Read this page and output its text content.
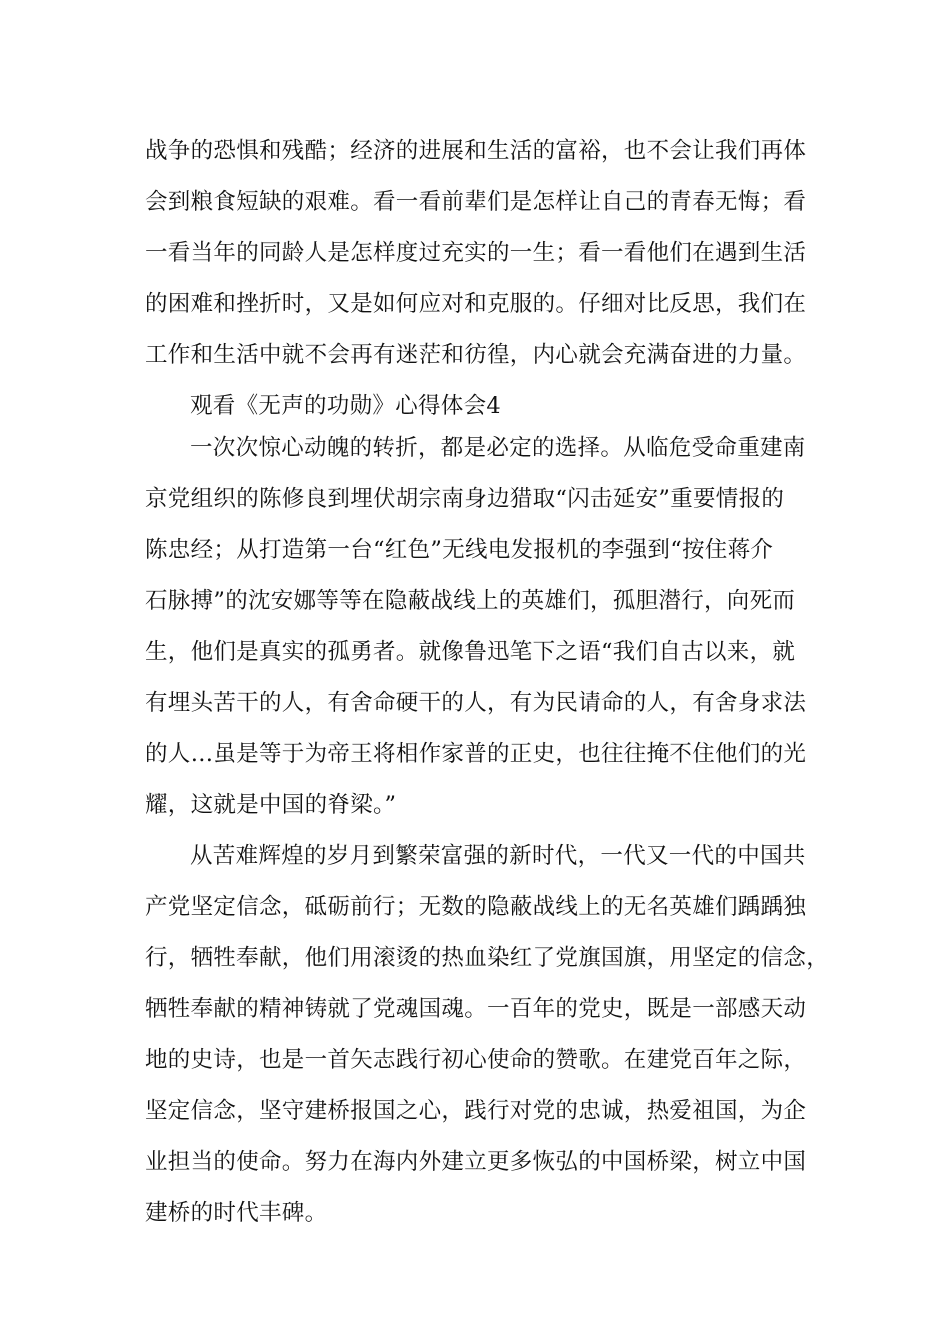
战争的恐惧和残酷；经济的进展和生活的富裕，也不会让我们再体
会到粮食短缺的艰难。看一看前辈们是怎样让自己的青春无悔；看
一看当年的同龄人是怎样度过充实的一生；看一看他们在遇到生活
的困难和挫折时，又是如何应对和克服的。仔细对比反思，我们在
工作和生活中就不会再有迷茫和彷徨，内心就会充满奋进的力量。
观看《无声的功勋》心得体会4
一次次惊心动魄的转折，都是必定的选择。从临危受命重建南
京党组织的陈修良到埋伏胡宗南身边猎取“闪击延安”重要情报的
陈忠经；从打造第一台“红色”无线电发报机的李强到“按住蒋介
石脉搏”的沈安娜等等在隐蔽战线上的英雄们，孤胆潜行，向死而
生，他们是真实的孤勇者。就像鲁迅笔下之语“我们自古以来，就
有埋头苦干的人，有舍命硬干的人，有为民请命的人，有舍身求法
的人…虽是等于为帝王将相作家普的正史，也往往掩不住他们的光
耀，这就是中国的脊梁。”
从苦难辉煌的岁月到繁荣富强的新时代，一代又一代的中国共
产党坚定信念，砥砺前行；无数的隐蔽战线上的无名英雄们踽踽独
行，牺牲奉献，他们用滚烫的热血染红了党旗国旗，用坚定的信念，
牺牲奉献的精神铸就了党魂国魂。一百年的党史，既是一部感天动
地的史诗，也是一首矢志践行初心使命的赞歌。在建党百年之际，
坚定信念，坚守建桥报国之心，践行对党的忠诚，热爱祖国，为企
业担当的使命。努力在海内外建立更多恢弘的中国桥梁，树立中国
建桥的时代丰碑。
